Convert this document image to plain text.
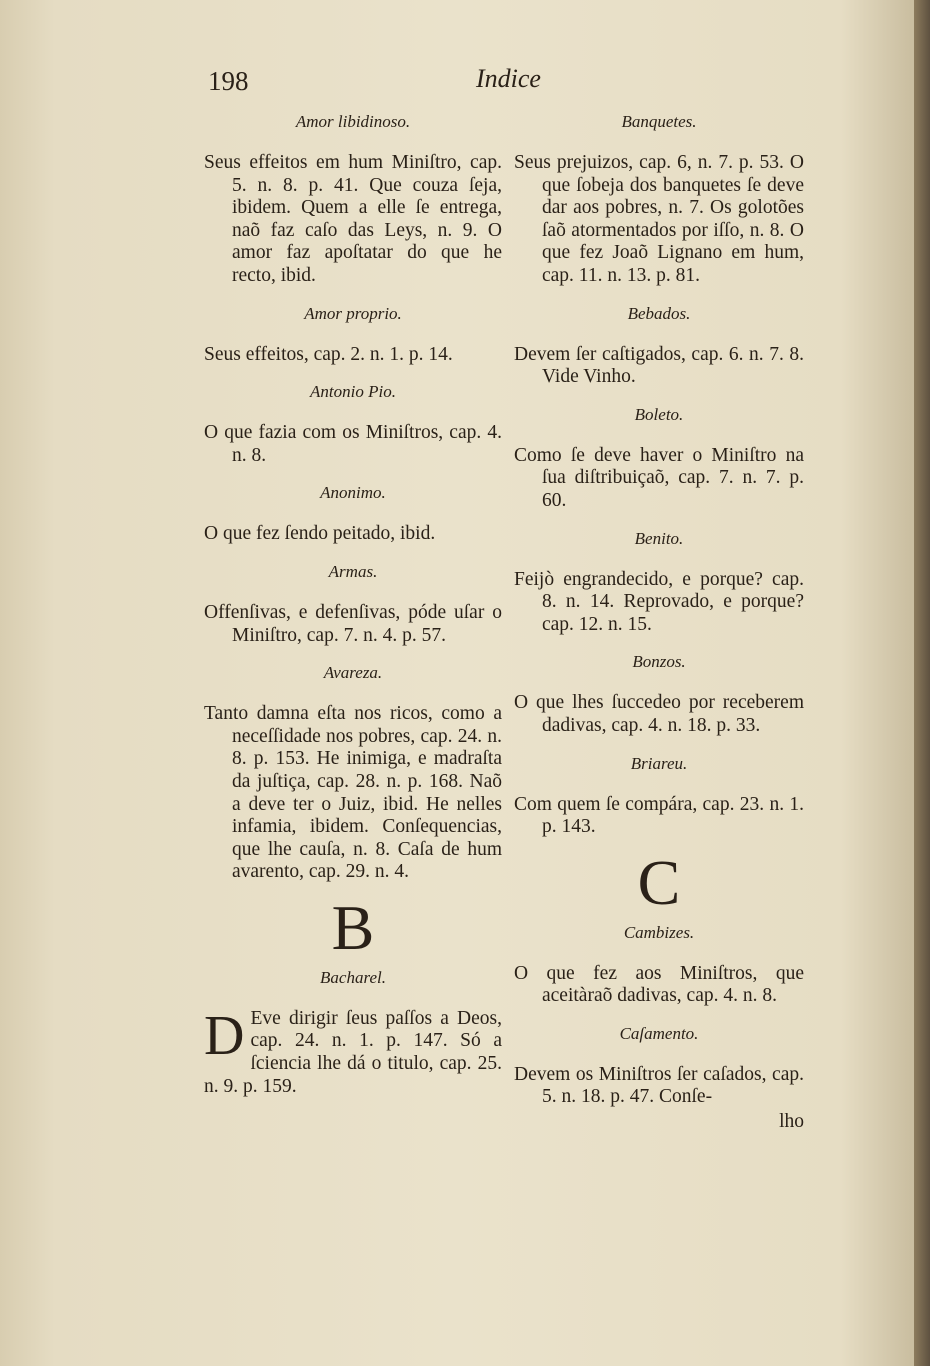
198	Indice
Amor libidinoso.
Seus effeitos em hum Miniſtro, cap. 5. n. 8. p. 41. Que couza ſeja, ibidem. Quem a elle ſe entrega, naõ faz caſo das Leys, n. 9. O amor faz apoſtatar do que he recto, ibid.
Amor proprio.
Seus effeitos, cap. 2. n. 1. p. 14.
Antonio Pio.
O que fazia com os Miniſtros, cap. 4. n. 8.
Anonimo.
O que fez ſendo peitado, ibid.
Armas.
Offenſivas, e defenſivas, póde uſar o Miniſtro, cap. 7. n. 4. p. 57.
Avareza.
Tanto damna eſta nos ricos, como a neceſſidade nos pobres, cap. 24. n. 8. p. 153. He inimiga, e madraſta da juſtiça, cap. 28. n. p. 168. Naõ a deve ter o Juiz, ibid. He nelles infamia, ibidem. Conſequencias, que lhe cauſa, n. 8. Caſa de hum avarento, cap. 29. n. 4.
B
Bacharel.
D Eve dirigir ſeus paſſos a Deos, cap. 24. n. 1. p. 147. Só a ſciencia lhe dá o titulo, cap. 25. n. 9. p. 159.
Banquetes.
Seus prejuizos, cap. 6, n. 7. p. 53. O que ſobeja dos banquetes ſe deve dar aos pobres, n. 7. Os golotões ſaõ atormentados por iſſo, n. 8. O que fez Joaõ Lignano em hum, cap. 11. n. 13. p. 81.
Bebados.
Devem ſer caſtigados, cap. 6. n. 7. 8. Vide Vinho.
Boleto.
Como ſe deve haver o Miniſtro na ſua diſtribuiçaõ, cap. 7. n. 7. p. 60.
Benito.
Feijò engrandecido, e porque? cap. 8. n. 14. Reprovado, e porque? cap. 12. n. 15.
Bonzos.
O que lhes ſuccedeo por receberem dadivas, cap. 4. n. 18. p. 33.
Briareu.
Com quem ſe compára, cap. 23. n. 1. p. 143.
C
Cambizes.
O que fez aos Miniſtros, que aceitàraõ dadivas, cap. 4. n. 8.
Caſamento.
Devem os Miniſtros ſer caſados, cap. 5. n. 18. p. 47. Conſe-
lho
